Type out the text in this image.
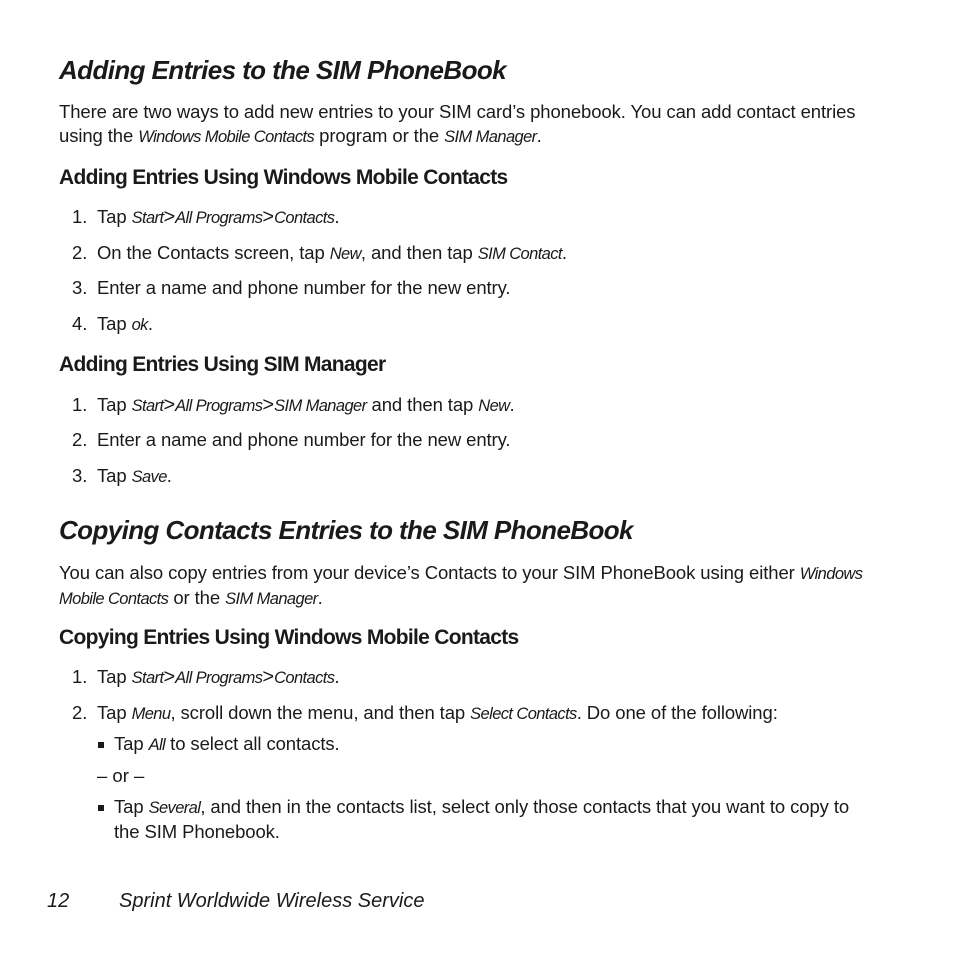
Adding Entries to the SIM PhoneBook

There are two ways to add new entries to your SIM card’s phonebook. You can add contact entries using the Windows Mobile Contacts program or the SIM Manager.

Adding Entries Using Windows Mobile Contacts
1. Tap Start>All Programs>Contacts.
2. On the Contacts screen, tap New, and then tap SIM Contact.
3. Enter a name and phone number for the new entry.
4. Tap ok.
Adding Entries Using SIM Manager
1. Tap Start>All Programs>SIM Manager and then tap New.
2. Enter a name and phone number for the new entry.
3. Tap Save.
Copying Contacts Entries to the SIM PhoneBook

You can also copy entries from your device’s Contacts to your SIM PhoneBook using either Windows Mobile Contacts or the SIM Manager.

Copying Entries Using Windows Mobile Contacts
1. Tap Start>All Programs>Contacts.
2. Tap Menu, scroll down the menu, and then tap Select Contacts. Do one of the following:
Tap All to select all contacts.
– or –
Tap Several, and then in the contacts list, select only those contacts that you want to copy to the SIM Phonebook.
12 Sprint Worldwide Wireless Service
